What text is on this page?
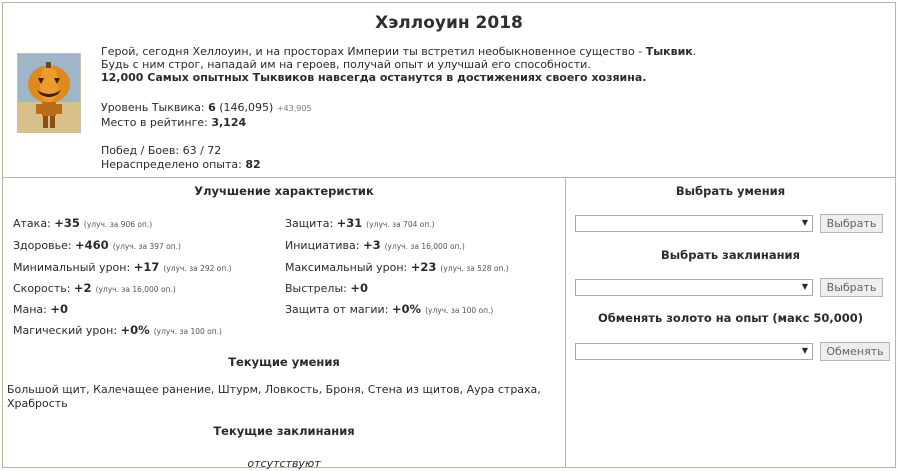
Хэллоуин 2018
Герой, сегодня Хеллоуин, и на просторах Империи ты встретил необыкновенное существо - Тыквик.
Будь с ним строг, нападай им на героев, получай опыт и улучшай его способности.
12,000 Самых опытных Тыквиков навсегда останутся в достижениях своего хозяина.
Уровень Тыквика: 6 (146,095) +43,905
Место в рейтинге: 3,124
Побед / Боев: 63 / 72
Нераспределено опыта: 82
Улучшение характеристик
Атака: +35 (улуч. за 906 оп.)	Защита: +31 (улуч. за 704 оп.)
Здоровье: +460 (улуч. за 397 оп.)	Инициатива: +3 (улуч. за 16,000 оп.)
Минимальный урон: +17 (улуч. за 292 оп.)	Максимальный урон: +23 (улуч. за 528 оп.)
Скорость: +2 (улуч. за 16,000 оп.)	Выстрелы: +0
Мана: +0	Защита от магии: +0% (улуч. за 100 оп.)
Магический урон: +0% (улуч. за 100 оп.)
Текущие умения
Большой щит, Калечащее ранение, Штурм, Ловкость, Броня, Стена из щитов, Аура страха, Храбрость
Текущие заклинания
отсутствуют
Выбрать умения
▼	Выбрать
Выбрать заклинания
▼	Выбрать
Обменять золото на опыт (макс 50,000)
▼	Обменять
